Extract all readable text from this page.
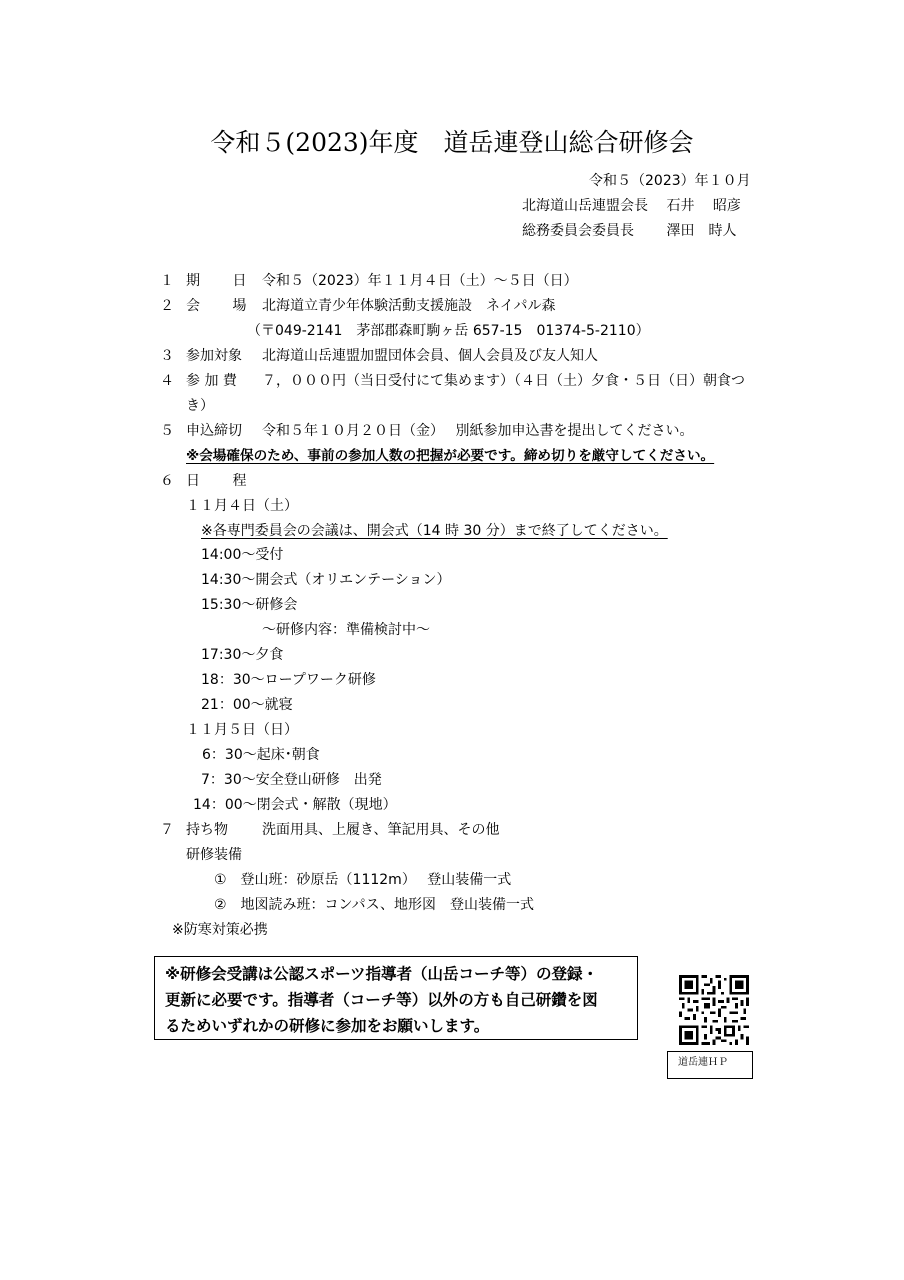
令和５(2023)年度　道岳連登山総合研修会
令和５（2023）年１０月
北海道山岳連盟会長　 石井　 昭彦
総務委員会委員長　　 澤田　時人
１ 期　　 日 令和５（2023）年１１月４日（土）～５日（日）
２ 会　　 場 北海道立青少年体験活動支援施設　ネイパル森
（〒049-2141　茅部郡森町駒ヶ岳 657-15　01374-5-2110）
３ 参加対象 北海道山岳連盟加盟団体会員、個人会員及び友人知人
４ 参 加 費 ７，０００円（当日受付にて集めます）（４日（土）夕食・５日（日）朝食つ
き）
５ 申込締切 令和５年１０月２０日（金）　 別紙参加申込書を提出してください。
※会場確保のため、事前の参加人数の把握が必要です。締め切りを厳守してください。
６ 日　　 程
１１月４日（土）
※各専門委員会の会議は、開会式（14 時 30 分）まで終了してください。
14:00～受付
14:30～開会式（オリエンテーション）
15:30～研修会
～研修内容：準備検討中～
17:30～夕食
18：30～ロープワーク研修
21：00～就寝
１１月５日（日）
6：30～起床･朝食
7：30～安全登山研修　出発
14：00～閉会式・解散（現地）
７ 持ち物 洗面用具、上履き、筆記用具、その他
研修装備
①　登山班：砂原岳（1112m）　 登山装備一式
②　地図読み班：コンパス、地形図　登山装備一式
※防寒対策必携
※研修会受講は公認スポーツ指導者（山岳コーチ等）の登録・
更新に必要です。指導者（コーチ等）以外の方も自己研鑽を図
るためいずれかの研修に参加をお願いします。
道岳連ＨＰ
